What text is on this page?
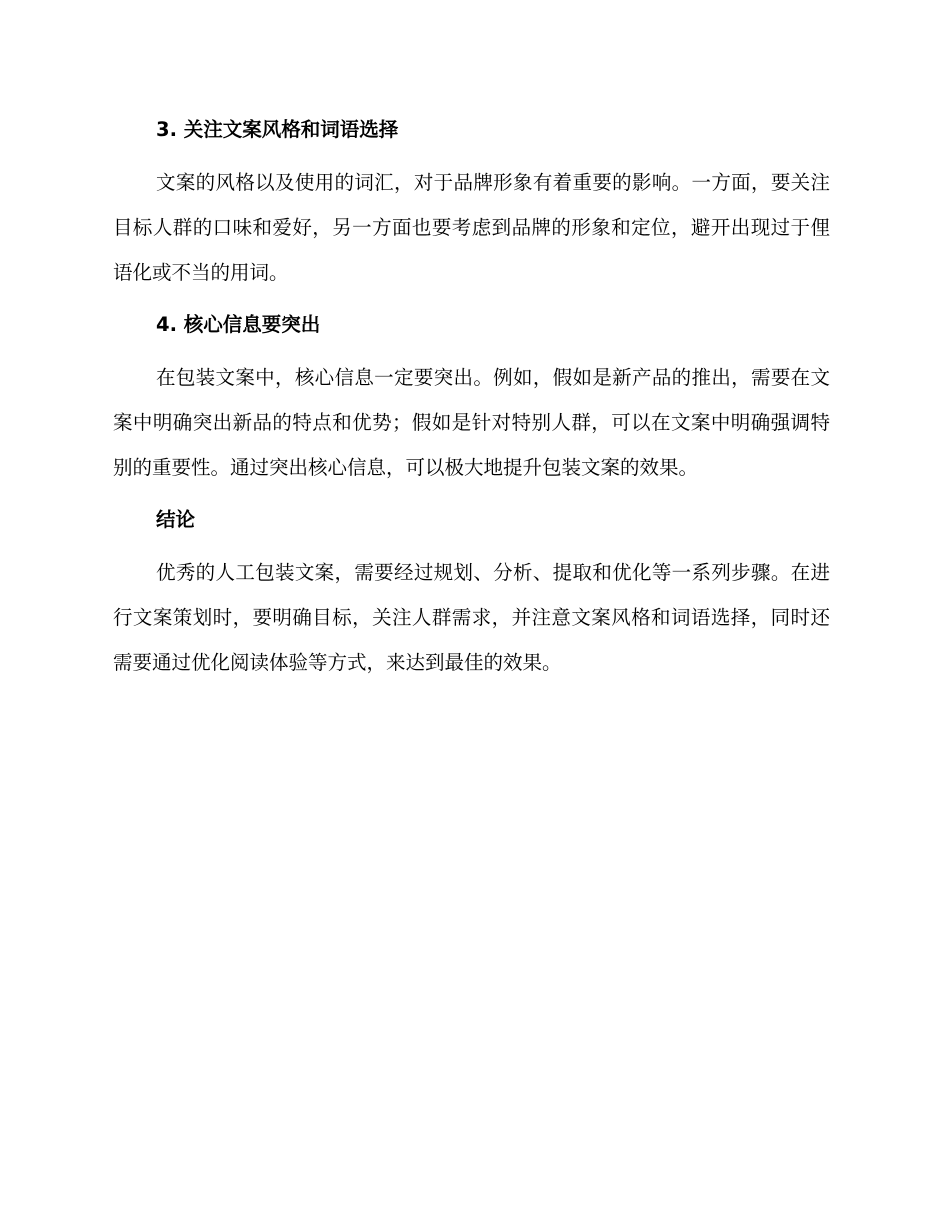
3. 关注文案风格和词语选择

文案的风格以及使用的词汇，对于品牌形象有着重要的影响。一方面，要关注目标人群的口味和爱好，另一方面也要考虑到品牌的形象和定位，避开出现过于俚语化或不当的用词。

4. 核心信息要突出

在包装文案中，核心信息一定要突出。例如，假如是新产品的推出，需要在文案中明确突出新品的特点和优势；假如是针对特别人群，可以在文案中明确强调特别的重要性。通过突出核心信息，可以极大地提升包装文案的效果。

结论

优秀的人工包装文案，需要经过规划、分析、提取和优化等一系列步骤。在进行文案策划时，要明确目标，关注人群需求，并注意文案风格和词语选择，同时还需要通过优化阅读体验等方式，来达到最佳的效果。
